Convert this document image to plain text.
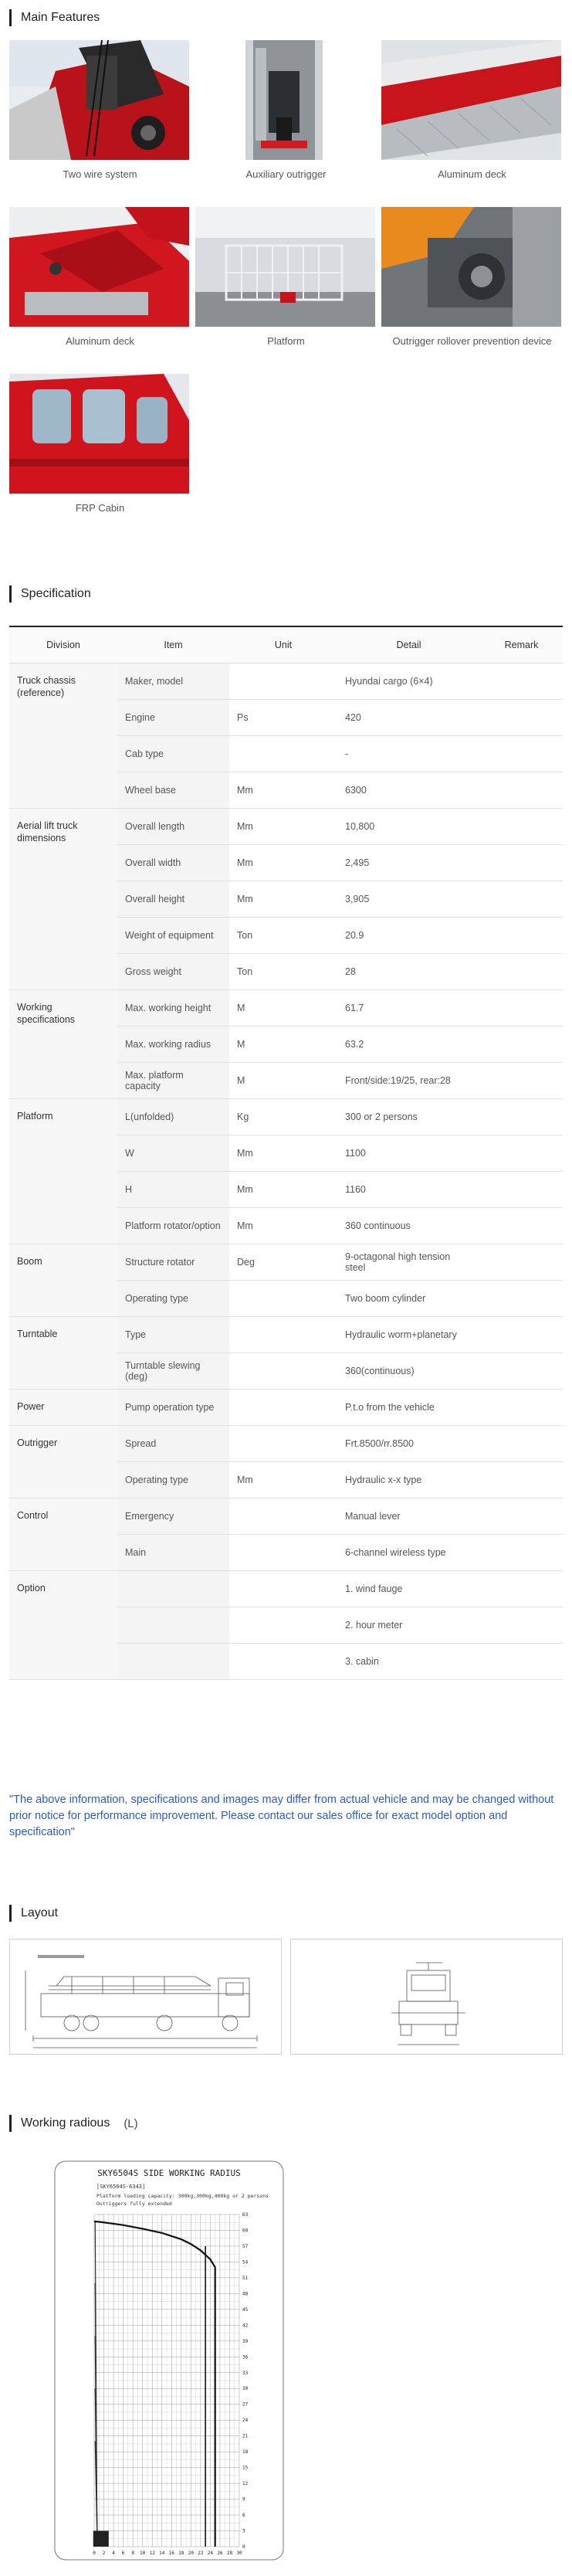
Main Features
Two wire system	Auxiliary outrigger	Aluminum deck
Aluminum deck	Platform	Outrigger rollover prevention device
FRP Cabin
Specification
Division	Item	Unit	Detail	Remark
Truck chassis (reference)	Maker, model		Hyundai cargo (6×4)	
	Engine	Ps	420	
	Cab type		-	
	Wheel base	Mm	6300	
Aerial lift truck dimensions	Overall length	Mm	10,800	
	Overall width	Mm	2,495	
	Overall height	Mm	3,905	
	Weight of equipment	Ton	20.9	
	Gross weight	Ton	28	
Working specifications	Max. working height	M	61.7	
	Max. working radius	M	63.2	
	Max. platform capacity	M	Front/side:19/25, rear:28	
Platform	L(unfolded)	Kg	300 or 2 persons	
	W	Mm	1100	
	H	Mm	1160	
	Platform rotator/option	Mm	360 continuous	
Boom	Structure rotator	Deg	9-octagonal high tension steel	
	Operating type		Two boom cylinder	
Turntable	Type		Hydraulic worm+planetary	
	Turntable slewing (deg)		360(continuous)	
Power	Pump operation type		P.t.o from the vehicle	
Outrigger	Spread		Frt.8500/rr.8500	
	Operating type	Mm	Hydraulic x-x type	
Control	Emergency		Manual lever	
	Main		6-channel wireless type	
Option			1. wind fauge	
			2. hour meter	
			3. cabin	
"The above information, specifications and images may differ from actual vehicle and may be changed without prior notice for performance improvement. Please contact our sales office for exact model option and specification"
Layout
Working radious (L)
SKY6504S SIDE WORKING RADIUS
[SKY6504S-6343]
Platform loading capacity: 300kg,300kg,400kg or 2 persons
Outriggers fully extended
0 2 4 6 8 10 12 14 16 18 20 22 24 26 28 30
0
3
6
9
12
15
18
21
24
27
30
33
36
39
42
45
48
51
54
57
60
63
